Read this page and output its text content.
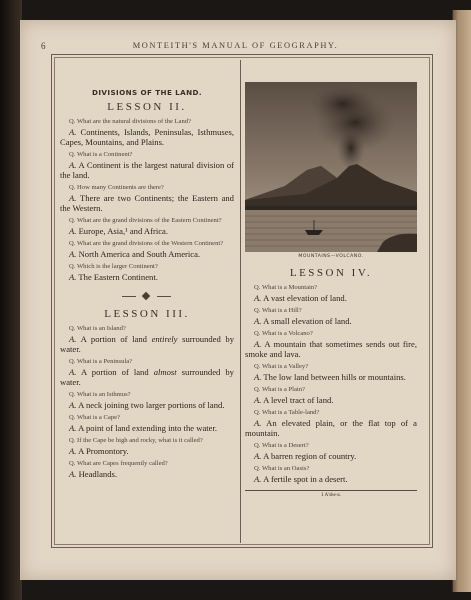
6	MONTEITH'S MANUAL OF GEOGRAPHY.
DIVISIONS OF THE LAND.
LESSON II.
Q. What are the natural divisions of the Land?
A. Continents, Islands, Peninsulas, Isthmuses, Capes, Mountains, and Plains.
Q. What is a Continent?
A. A Continent is the largest natural division of the land.
Q. How many Continents are there?
A. There are two Continents; the Eastern and the Western.
Q. What are the grand divisions of the Eastern Continent?
A. Europe, Asia,¹ and Africa.
Q. What are the grand divisions of the Western Continent?
A. North America and South America.
Q. Which is the larger Continent?
A. The Eastern Continent.
LESSON III.
Q. What is an Island?
A. A portion of land entirely surrounded by water.
Q. What is a Peninsula?
A. A portion of land almost surrounded by water.
Q. What is an Isthmus?
A. A neck joining two larger portions of land.
Q. What is a Cape?
A. A point of land extending into the water.
Q. If the Cape be high and rocky, what is it called?
A. A Promontory.
Q. What are Capes frequently called?
A. Headlands.
MOUNTAINS—VOLCANO.
LESSON IV.
Q. What is a Mountain?
A. A vast elevation of land.
Q. What is a Hill?
A. A small elevation of land.
Q. What is a Volcano?
A. A mountain that sometimes sends out fire, smoke and lava.
Q. What is a Valley?
A. The low land between hills or mountains.
Q. What is a Plain?
A. A level tract of land.
Q. What is a Table-land?
A. An elevated plain, or the flat top of a mountain.
Q. What is a Desert?
A. A barren region of country.
Q. What is an Oasis?
A. A fertile spot in a desert.
1 A'she-a.
